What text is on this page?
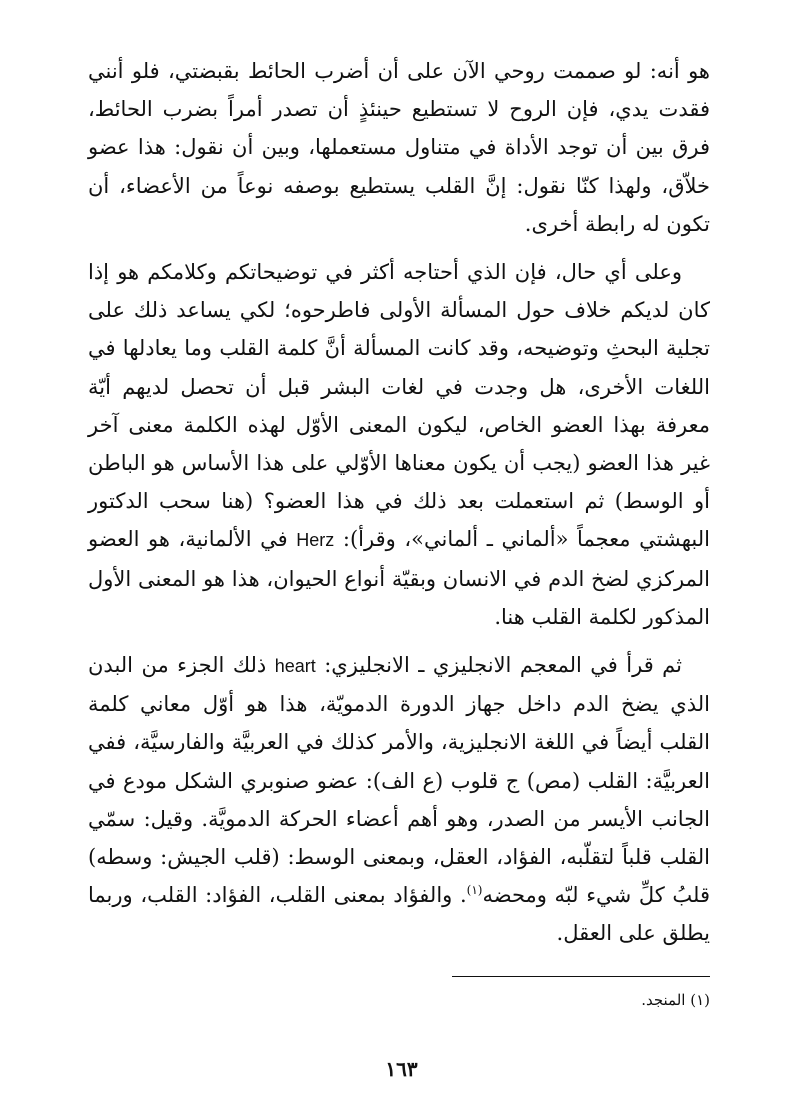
هو أنه: لو صممت روحي الآن على أن أضرب الحائط بقبضتي، فلو أنني فقدت يدي، فإن الروح لا تستطيع حينئذٍ أن تصدر أمراً بضرب الحائط، فرق بين أن توجد الأداة في متناول مستعملها، وبين أن نقول: هذا عضو خلاّق، ولهذا كنّا نقول: إنَّ القلب يستطيع بوصفه نوعاً من الأعضاء، أن تكون له رابطة أخرى.

وعلى أي حال، فإن الذي أحتاجه أكثر في توضيحاتكم وكلامكم هو إذا كان لديكم خلاف حول المسألة الأولى فاطرحوه؛ لكي يساعد ذلك على تجلية البحثِ وتوضيحه، وقد كانت المسألة أنَّ كلمة القلب وما يعادلها في اللغات الأخرى، هل وجدت في لغات البشر قبل أن تحصل لديهم أيّة معرفة بهذا العضو الخاص، ليكون المعنى الأوّل لهذه الكلمة معنى آخر غير هذا العضو (يجب أن يكون معناها الأوّلي على هذا الأساس هو الباطن أو الوسط) ثم استعملت بعد ذلك في هذا العضو؟ (هنا سحب الدكتور البهشتي معجماً «ألماني ـ ألماني»، وقرأ): Herz في الألمانية، هو العضو المركزي لضخ الدم في الانسان وبقيّة أنواع الحيوان، هذا هو المعنى الأول المذكور لكلمة القلب هنا.

ثم قرأ في المعجم الانجليزي ـ الانجليزي: heart ذلك الجزء من البدن الذي يضخ الدم داخل جهاز الدورة الدمويّة، هذا هو أوّل معاني كلمة القلب أيضاً في اللغة الانجليزية، والأمر كذلك في العربيَّة والفارسيَّة، ففي العربيَّة: القلب (مص) ج قلوب (ع الف): عضو صنوبري الشكل مودع في الجانب الأيسر من الصدر، وهو أهم أعضاء الحركة الدمويَّة. وقيل: سمّي القلب قلباً لتقلّبه، الفؤاد، العقل، وبمعنى الوسط: (قلب الجيش: وسطه) قلبُ كلِّ شيء لبّه ومحضه$^{(١)}$. والفؤاد بمعنى القلب، الفؤاد: القلب، وربما يطلق على العقل.

(١) المنجد.
١٦٣
